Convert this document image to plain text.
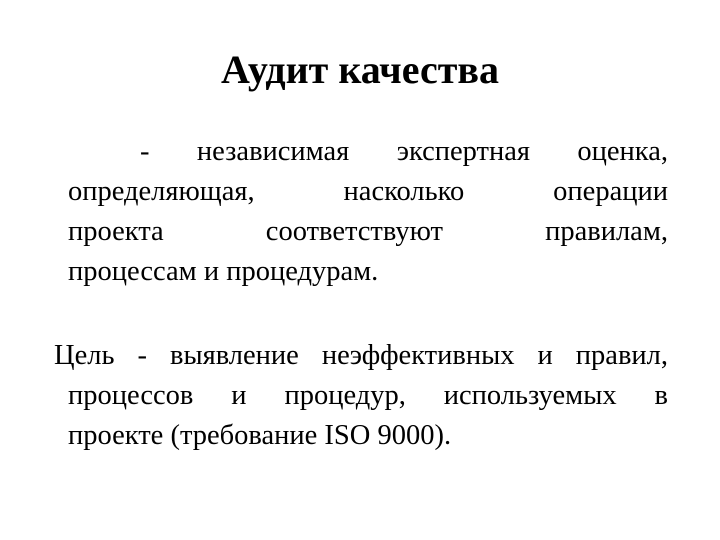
Аудит качества
- независимая экспертная оценка,
определяющая, насколько операции
проекта соответствуют правилам,
процессам и процедурам.
Цель - выявление неэффективных и правил,
процессов и процедур, используемых в
проекте (требование ISO 9000).
